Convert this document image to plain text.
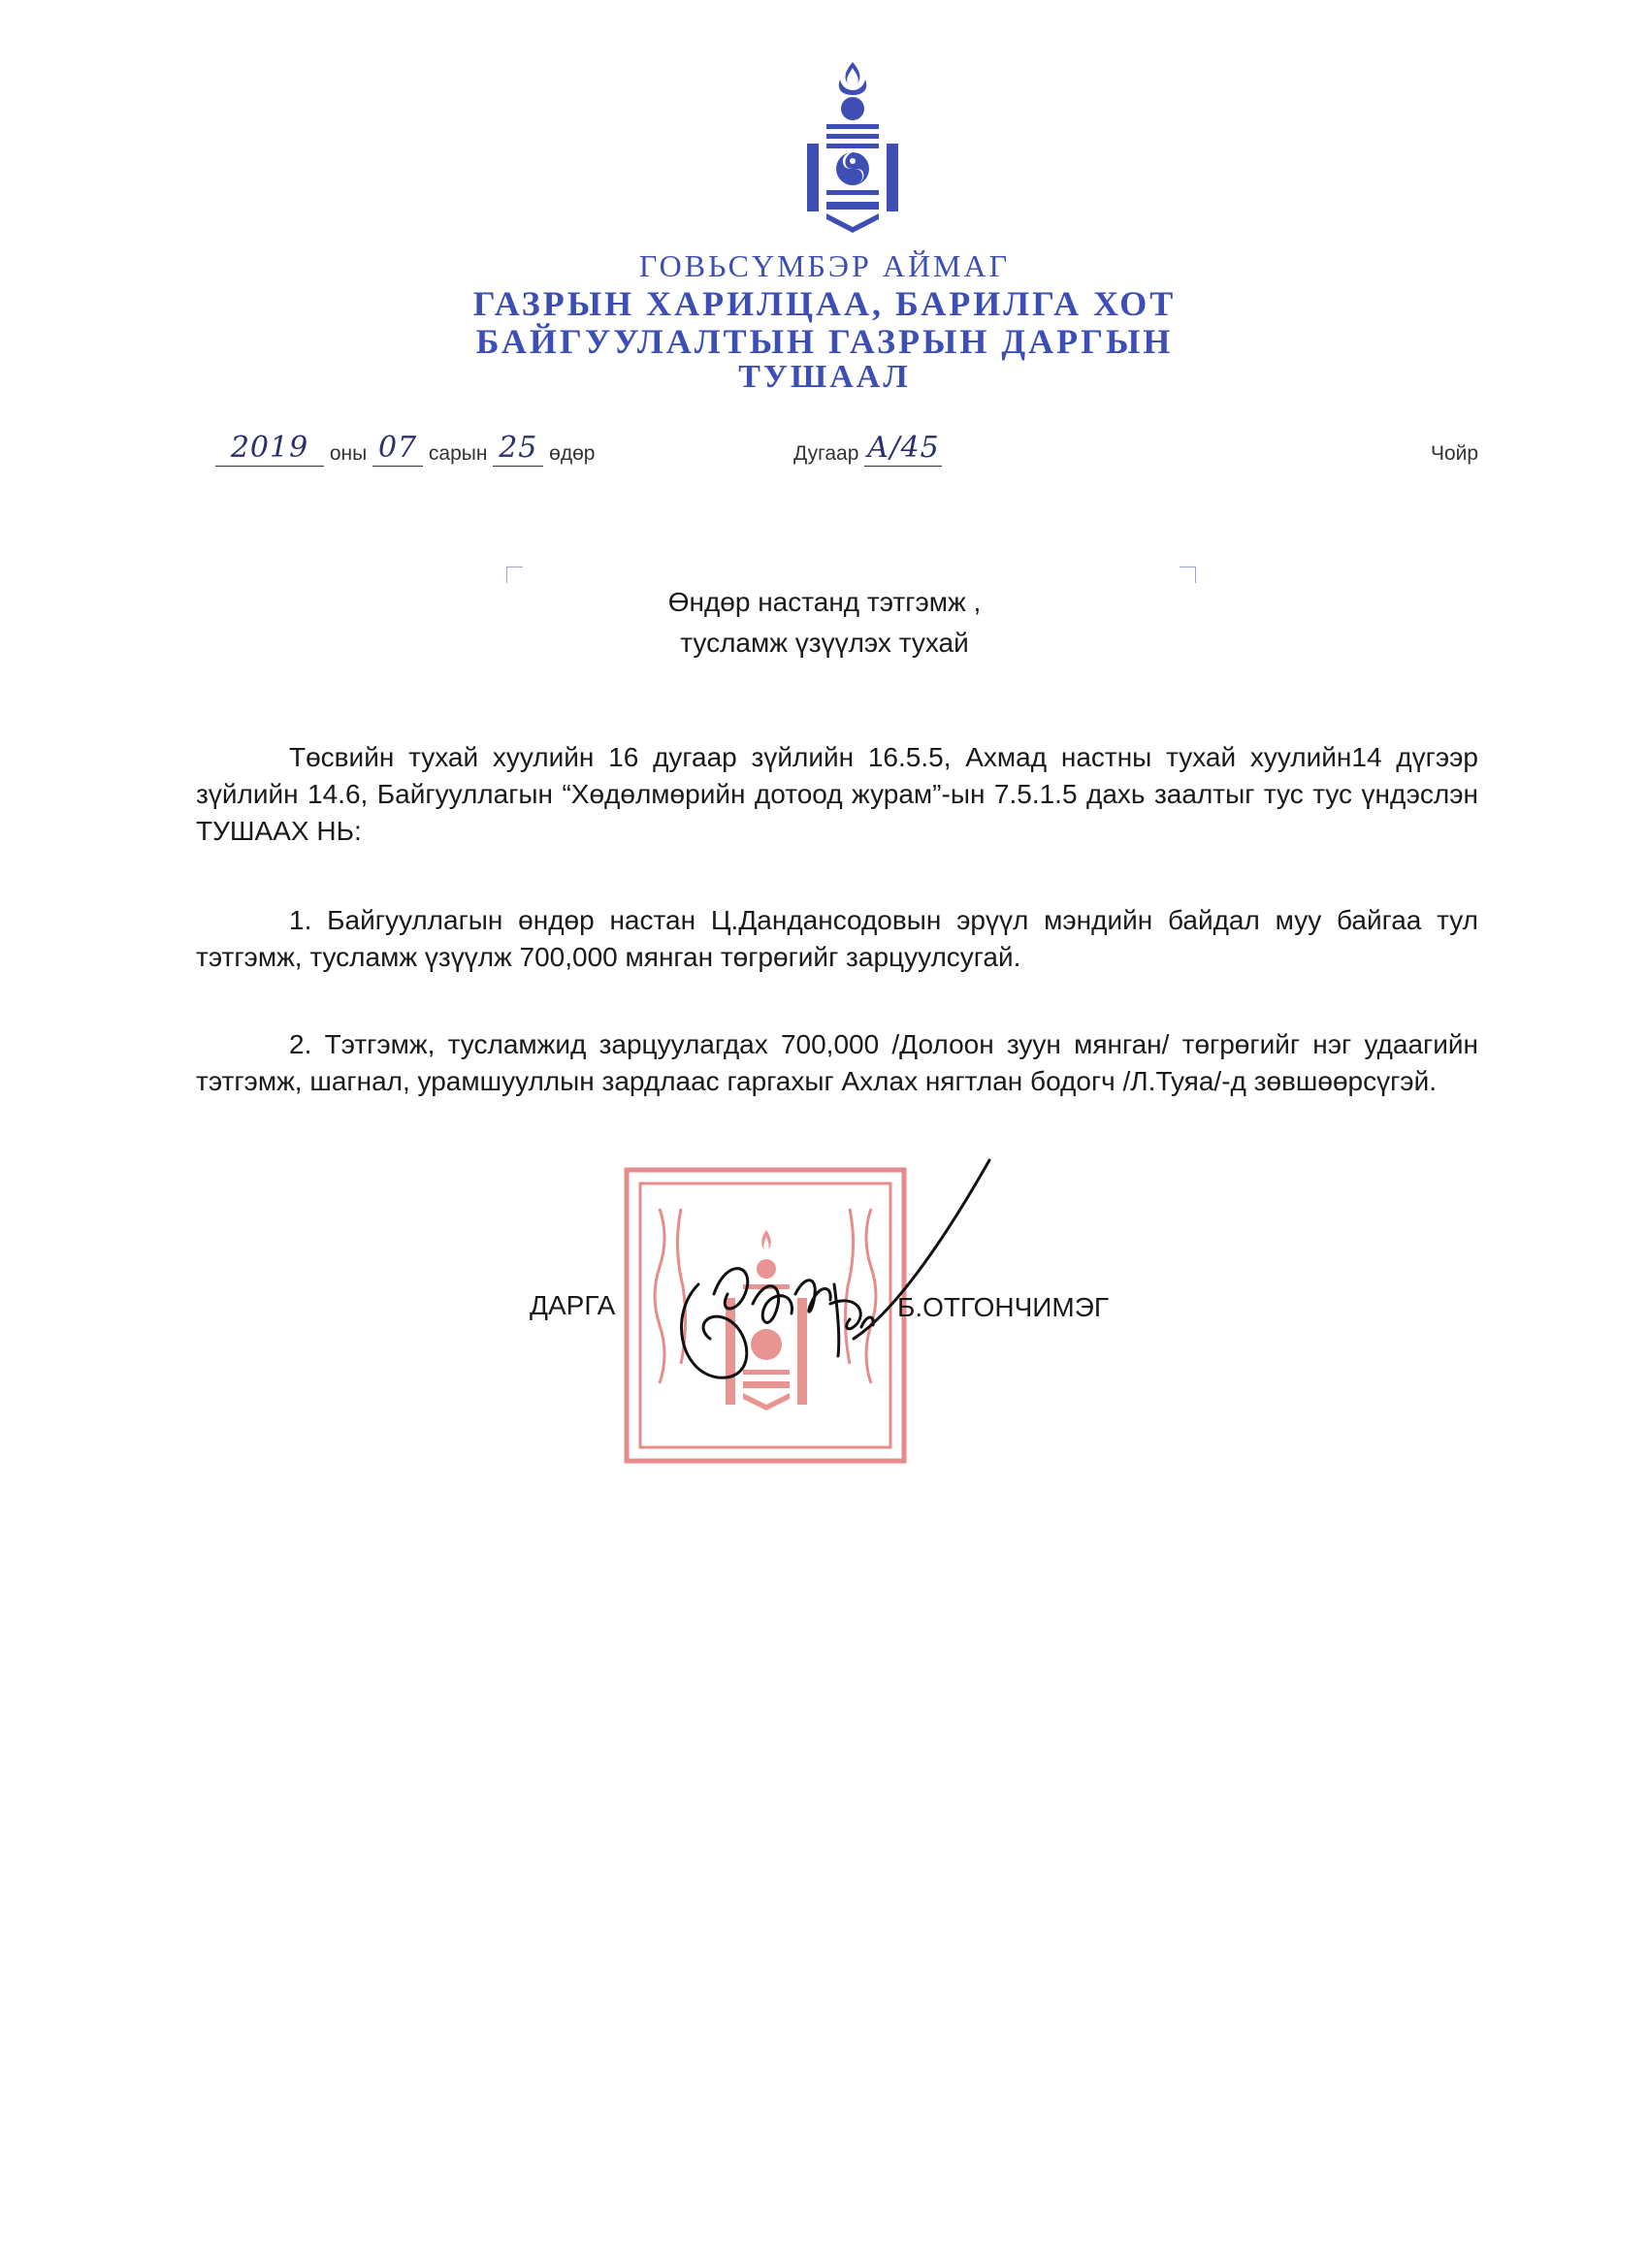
ГОВЬСҮМБЭР АЙМАГ
ГАЗРЫН ХАРИЛЦАА, БАРИЛГА ХОТ
БАЙГУУЛАЛТЫН ГАЗРЫН ДАРГЫН
ТУШААЛ
2019	оны 07 сарын 25 өдөр	Дугаар А/45
	Чойр
Өндөр настанд тэтгэмж ,
тусламж үзүүлэх тухай

Төсвийн тухай хуулийн 16 дугаар зүйлийн 16.5.5, Ахмад настны тухай хуулийн14 дүгээр зүйлийн 14.6, Байгууллагын “Хөдөлмөрийн дотоод журам”-ын 7.5.1.5 дахь заалтыг тус тус үндэслэн ТУШААХ НЬ:

1. Байгууллагын өндөр настан Ц.Дандансодовын эрүүл мэндийн байдал муу байгаа тул тэтгэмж, тусламж үзүүлж 700,000 мянган төгрөгийг зарцуулсугай.

2. Тэтгэмж, тусламжид зарцуулагдах 700,000 /Долоон зуун мянган/ төгрөгийг нэг удаагийн тэтгэмж, шагнал, урамшууллын зардлаас гаргахыг Ахлах нягтлан бодогч /Л.Туяа/-д зөвшөөрсүгэй.

ДАРГА	Б.ОТГОНЧИМЭГ
